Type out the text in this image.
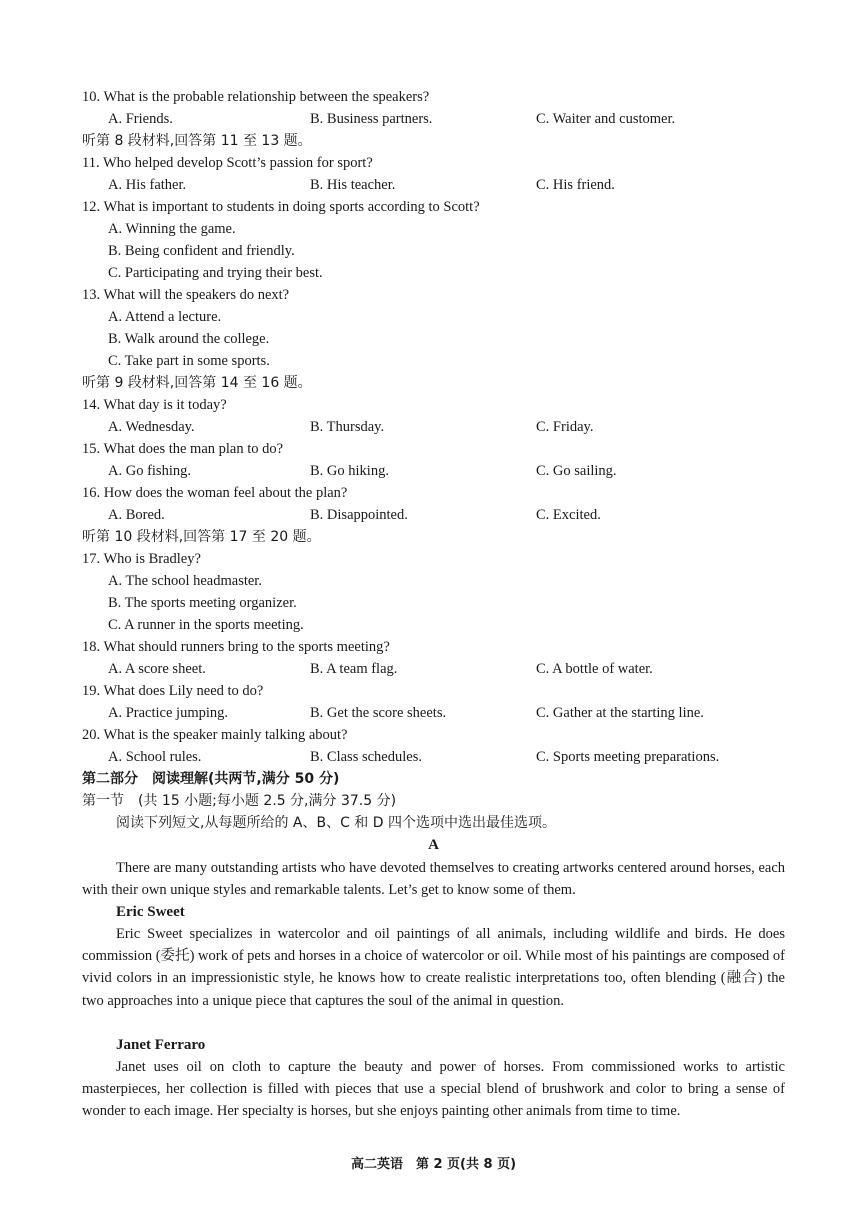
10. What is the probable relationship between the speakers?
A. Friends.	B. Business partners.	C. Waiter and customer.
听第 8 段材料,回答第 11 至 13 题。
11. Who helped develop Scott’s passion for sport?
A. His father.	B. His teacher.	C. His friend.
12. What is important to students in doing sports according to Scott?
A. Winning the game.
B. Being confident and friendly.
C. Participating and trying their best.
13. What will the speakers do next?
A. Attend a lecture.
B. Walk around the college.
C. Take part in some sports.
听第 9 段材料,回答第 14 至 16 题。
14. What day is it today?
A. Wednesday.	B. Thursday.	C. Friday.
15. What does the man plan to do?
A. Go fishing.	B. Go hiking.	C. Go sailing.
16. How does the woman feel about the plan?
A. Bored.	B. Disappointed.	C. Excited.
听第 10 段材料,回答第 17 至 20 题。
17. Who is Bradley?
A. The school headmaster.
B. The sports meeting organizer.
C. A runner in the sports meeting.
18. What should runners bring to the sports meeting?
A. A score sheet.	B. A team flag.	C. A bottle of water.
19. What does Lily need to do?
A. Practice jumping.	B. Get the score sheets.	C. Gather at the starting line.
20. What is the speaker mainly talking about?
A. School rules.	B. Class schedules.	C. Sports meeting preparations.
第二部分　阅读理解(共两节,满分 50 分)
第一节　(共 15 小题;每小题 2.5 分,满分 37.5 分)
阅读下列短文,从每题所给的 A、B、C 和 D 四个选项中选出最佳选项。
A
There are many outstanding artists who have devoted themselves to creating artworks centered around horses, each with their own unique styles and remarkable talents. Let’s get to know some of them.
Eric Sweet
Eric Sweet specializes in watercolor and oil paintings of all animals, including wildlife and birds. He does commission (委托) work of pets and horses in a choice of watercolor or oil. While most of his paintings are composed of vivid colors in an impressionistic style, he knows how to create realistic interpretations too, often blending (融合) the two approaches into a unique piece that captures the soul of the animal in question.
Janet Ferraro
Janet uses oil on cloth to capture the beauty and power of horses. From commissioned works to artistic masterpieces, her collection is filled with pieces that use a special blend of brushwork and color to bring a sense of wonder to each image. Her specialty is horses, but she enjoys painting other animals from time to time.
高二英语　第 2 页(共 8 页)
